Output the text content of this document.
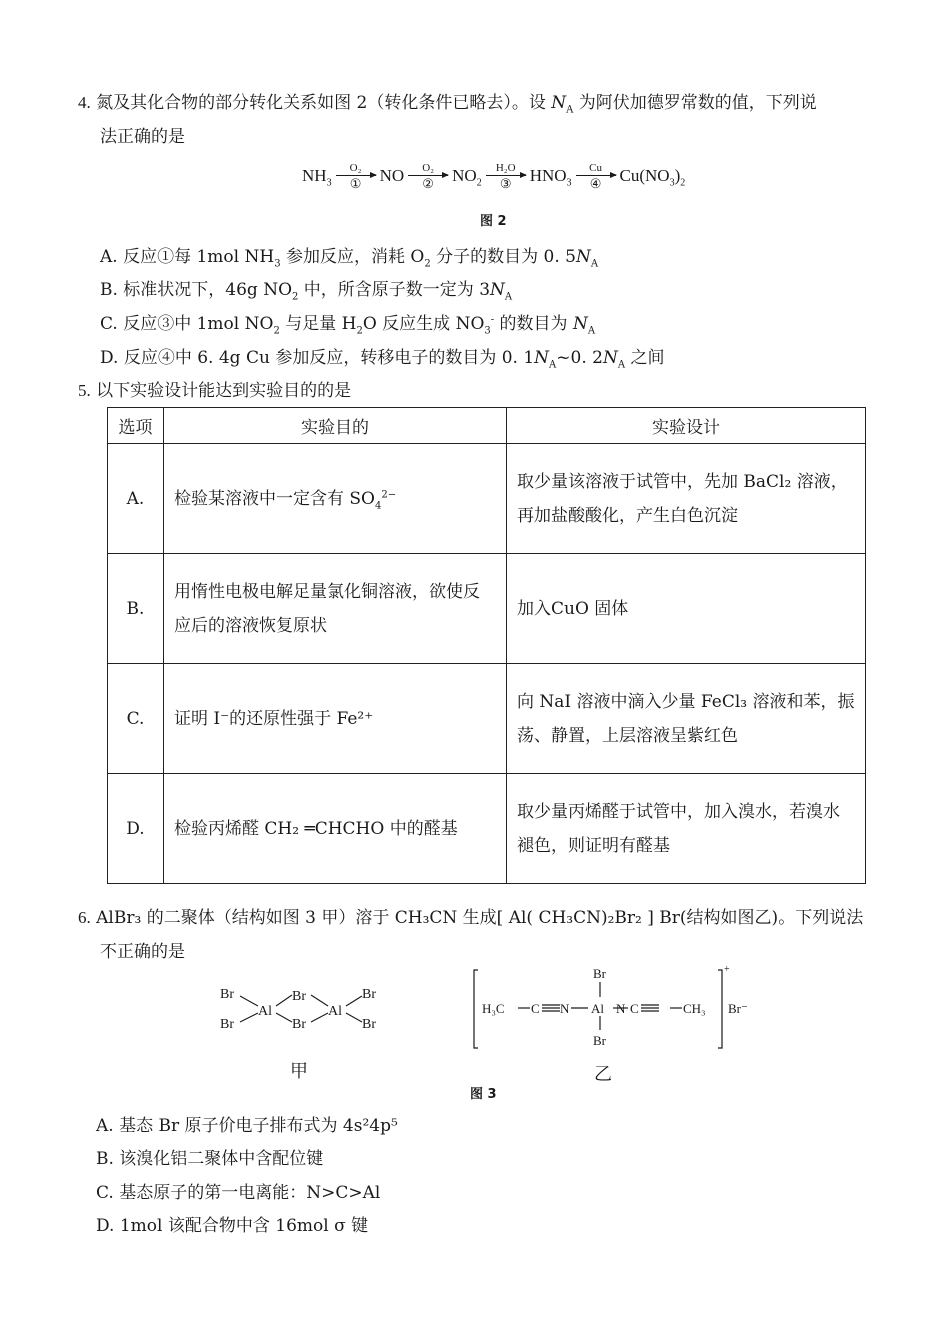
4. 氮及其化合物的部分转化关系如图 2（转化条件已略去）。设 $N_A$ 为阿伏加德罗常数的值，下列说
法正确的是
$NH_3$
O₂
① NO O₂
② $NO_2$
H₂O
③ $HNO_3$
Cu
④ $Cu(NO_3)_2$
图 2
A. 反应①每 1mol $NH_3$ 参加反应，消耗 $O_2$ 分子的数目为 0. $5N_A$
B. 标准状况下，46g $NO_2$ 中，所含原子数一定为 $3N_A$
C. 反应③中 1mol $NO_2$ 与足量 $H_2O$ 反应生成 $NO_3^-$ 的数目为 $N_A$
D. 反应④中 6. 4g Cu 参加反应，转移电子的数目为 0. $1N_A\sim 0$. $2N_A$ 之间
5. 以下实验设计能达到实验目的的是
选项	实验目的	实验设计
A.	检验某溶液中一定含有 $SO_4^{2-}$	取少量该溶液于试管中，先加 BaCl₂ 溶液，再加盐酸酸化，产生白色沉淀
B.	用惰性电极电解足量氯化铜溶液，欲使反应后的溶液恢复原状	加入CuO 固体
C.	证明 I⁻的还原性强于 Fe²⁺	向 NaI 溶液中滴入少量 FeCl₃ 溶液和苯，振荡、静置，上层溶液呈紫红色
D.	检验丙烯醛 CH₂ ═CHCHO 中的醛基	取少量丙烯醛于试管中，加入溴水，若溴水褪色，则证明有醛基
6. AlBr₃ 的二聚体（结构如图 3 甲）溶于 CH₃CN 生成[ Al( CH₃CN)₂Br₂ ] Br(结构如图乙)。下列说法
不正确的是
Br
Br
Al
Br
Br
Al
Br
Br
甲
H₃C C N Al
Br
Br
N C	CH₃
+
Br⁻
乙
图 3
A. 基态 Br 原子价电子排布式为 4s²4p⁵
B. 该溴化铝二聚体中含配位键
C. 基态原子的第一电离能：N>C>Al
D. 1mol 该配合物中含 16mol σ 键
